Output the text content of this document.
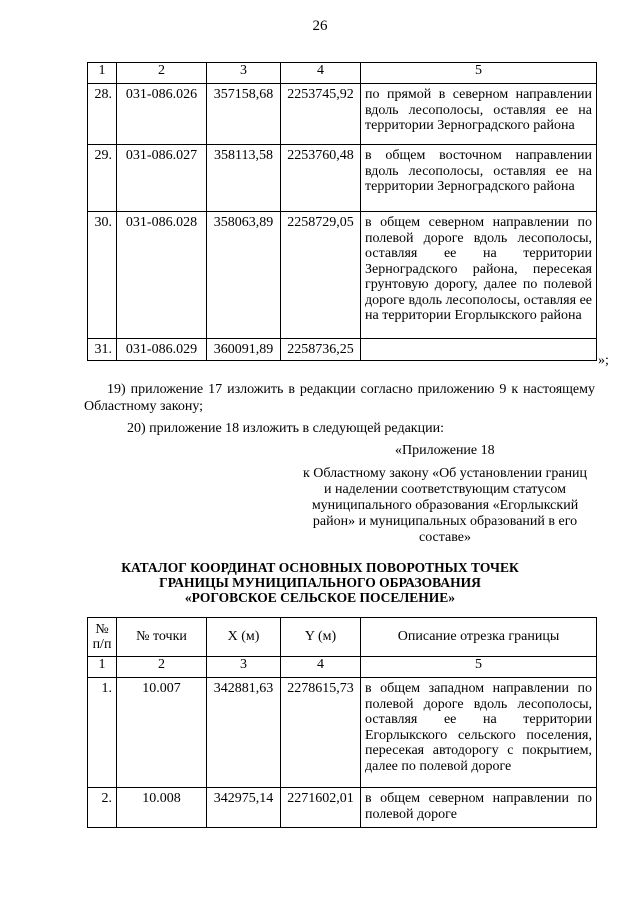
26
1	2	3	4	5
28.	031-086.026	357158,68	2253745,92	по прямой в северном направлении вдоль лесополосы, оставляя ее на территории Зерноградского района
29.	031-086.027	358113,58	2253760,48	в общем восточном направлении вдоль лесополосы, оставляя ее на территории Зерноградского района
30.	031-086.028	358063,89	2258729,05	в общем северном направлении по полевой дороге вдоль лесополосы, оставляя ее на территории Зерноградского района, пересекая грунтовую дорогу, далее по полевой дороге вдоль лесополосы, оставляя ее на территории Егорлыкского района
31.	031-086.029	360091,89	2258736,25	
»;
19) приложение 17 изложить в редакции согласно приложению 9 к настоящему Областному закону;
20) приложение 18 изложить в следующей редакции:
«Приложение 18
к Областному закону «Об установлении границ и наделении соответствующим статусом муниципального образования «Егорлыкский район» и муниципальных образований в его составе»
КАТАЛОГ КООРДИНАТ ОСНОВНЫХ ПОВОРОТНЫХ ТОЧЕК
ГРАНИЦЫ МУНИЦИПАЛЬНОГО ОБРАЗОВАНИЯ
«РОГОВСКОЕ СЕЛЬСКОЕ ПОСЕЛЕНИЕ»
№ п/п	№ точки	X (м)	Y (м)	Описание отрезка границы
1	2	3	4	5
1.	10.007	342881,63	2278615,73	в общем западном направлении по полевой дороге вдоль лесополосы, оставляя ее на территории Егорлыкского сельского поселения, пересекая автодорогу с покрытием, далее по полевой дороге
2.	10.008	342975,14	2271602,01	в общем северном направлении по полевой дороге
